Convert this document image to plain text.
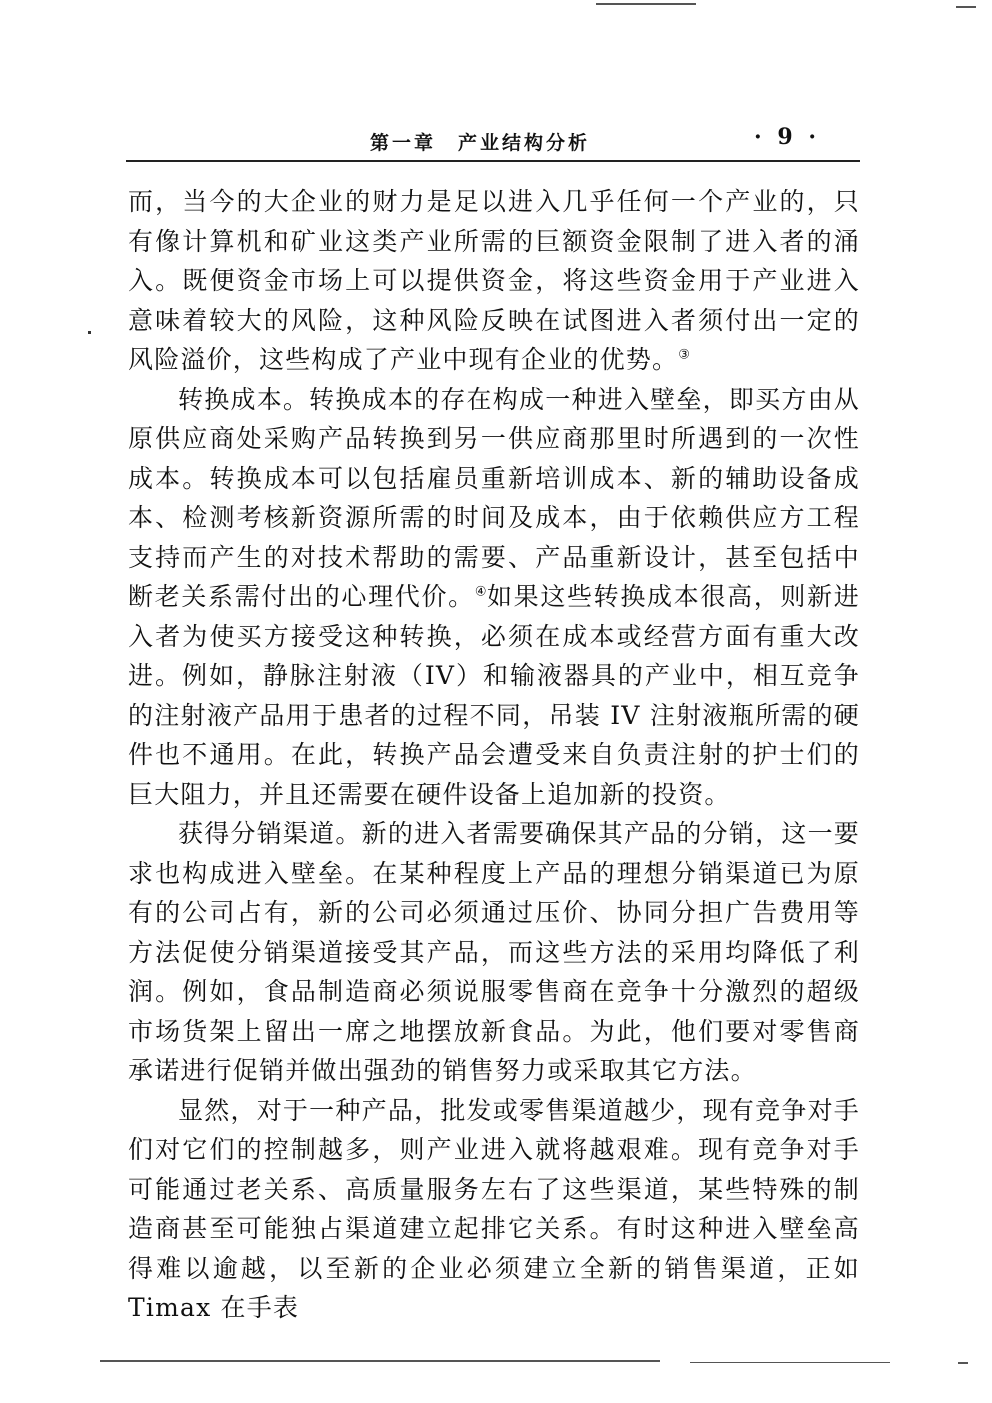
第一章　产业结构分析	· 9 ·

而，当今的大企业的财力是足以进入几乎任何一个产业的，只有像计算机和矿业这类产业所需的巨额资金限制了进入者的涌入。既便资金市场上可以提供资金，将这些资金用于产业进入意味着较大的风险，这种风险反映在试图进入者须付出一定的风险溢价，这些构成了产业中现有企业的优势。③

转换成本。转换成本的存在构成一种进入壁垒，即买方由从原供应商处采购产品转换到另一供应商那里时所遇到的一次性成本。转换成本可以包括雇员重新培训成本、新的辅助设备成本、检测考核新资源所需的时间及成本，由于依赖供应方工程支持而产生的对技术帮助的需要、产品重新设计，甚至包括中断老关系需付出的心理代价。④如果这些转换成本很高，则新进入者为使买方接受这种转换，必须在成本或经营方面有重大改进。例如，静脉注射液（IV）和输液器具的产业中，相互竞争的注射液产品用于患者的过程不同，吊装 IV 注射液瓶所需的硬件也不通用。在此，转换产品会遭受来自负责注射的护士们的巨大阻力，并且还需要在硬件设备上追加新的投资。

获得分销渠道。新的进入者需要确保其产品的分销，这一要求也构成进入壁垒。在某种程度上产品的理想分销渠道已为原有的公司占有，新的公司必须通过压价、协同分担广告费用等方法促使分销渠道接受其产品，而这些方法的采用均降低了利润。例如，食品制造商必须说服零售商在竞争十分激烈的超级市场货架上留出一席之地摆放新食品。为此，他们要对零售商承诺进行促销并做出强劲的销售努力或采取其它方法。

显然，对于一种产品，批发或零售渠道越少，现有竞争对手们对它们的控制越多，则产业进入就将越艰难。现有竞争对手可能通过老关系、高质量服务左右了这些渠道，某些特殊的制造商甚至可能独占渠道建立起排它关系。有时这种进入壁垒高得难以逾越，以至新的企业必须建立全新的销售渠道，正如 Timax 在手表
